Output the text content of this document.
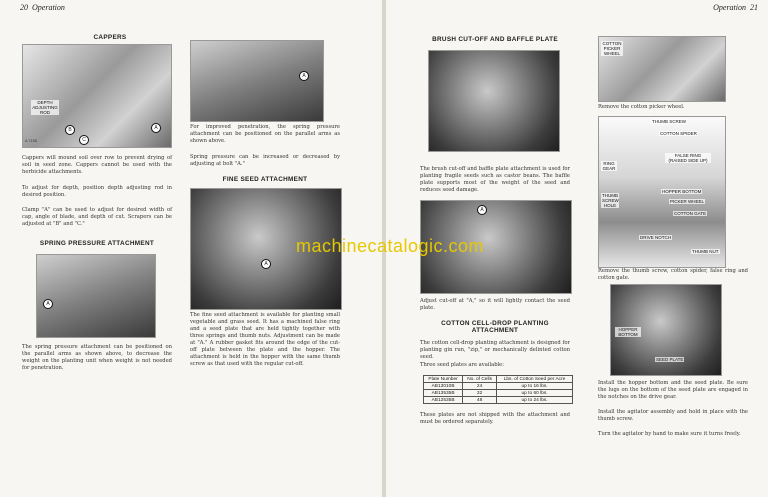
20 Operation
CAPPERS
DEPTH ADJUSTING ROD
A
B
C
A 7155
Cappers will mound soil over row to prevent drying of soil in seed zone. Cappers cannot be used with the herbicide attachments.
To adjust for depth, position depth adjusting rod in desired position.
Clamp "A" can be used to adjust for desired width of cap, angle of blade, and depth of cut. Scrapers can be adjusted at "B" and "C."
SPRING PRESSURE ATTACHMENT
A
The spring pressure attachment can be positioned on the parallel arms as shown above, to decrease the weight on the planting unit when weight is not needed for penetration.
A
For improved penetration, the spring pressure attachment can be positioned on the parallel arms as shown above.
Spring pressure can be increased or decreased by adjusting at bolt "A."
FINE SEED ATTACHMENT
A
The fine seed attachment is available for planting small vegetable and grass seed. It has a machined false ring and a seed plate that are held tightly together with three springs and thumb nuts. Adjustment can be made at "A." A rubber gasket fits around the edge of the cut-off plate between the plate and the hopper. The attachment is held in the hopper with the same thumb screw as that used with the regular cut-off.
Operation 21
BRUSH CUT-OFF AND BAFFLE PLATE
The brush cut-off and baffle plate attachment is used for planting fragile seeds such as castor beans. The baffle plate supports most of the weight of the seed and reduces seed damage.
A
Adjust cut-off at "A," so it will lightly contact the seed plate.
COTTON CELL-DROP PLANTING ATTACHMENT
The cotton cell-drop planting attachment is designed for planting gin run, "zip," or mechanically delinted cotton seed.
Three seed plates are available:
These plates are not shipped with the attachment and must be ordered separately.
COTTON PICKER WHEEL
Remove the cotton picker wheel.
THUMB SCREW
COTTON SPIDER
FALSE RING (RAISED SIDE UP)
RING GEAR
HOPPER BOTTOM
PICKER WHEEL
THUMB SCREW HOLE
COTTON GATE
DRIVE NOTCH
THUMB NUT
Remove the thumb screw, cotton spider, false ring and cotton gate.
HOPPER BOTTOM
SEED PLATE
Install the hopper bottom and the seed plate. Be sure the lugs on the bottom of the seed plate are engaged in the notches on the drive gear.
Install the agitator assembly and hold in place with the thumb screw.
Turn the agitator by hand to make sure it turns freely.
Plate Number	No. of Cells	Lbs. of Cotton Seed per Acre
AB13010B	24	up to 16 lbs.
AB13535B	32	up to 60 lbs.
AB12535B	48	up to 24 lbs.
machinecatalogic.com
